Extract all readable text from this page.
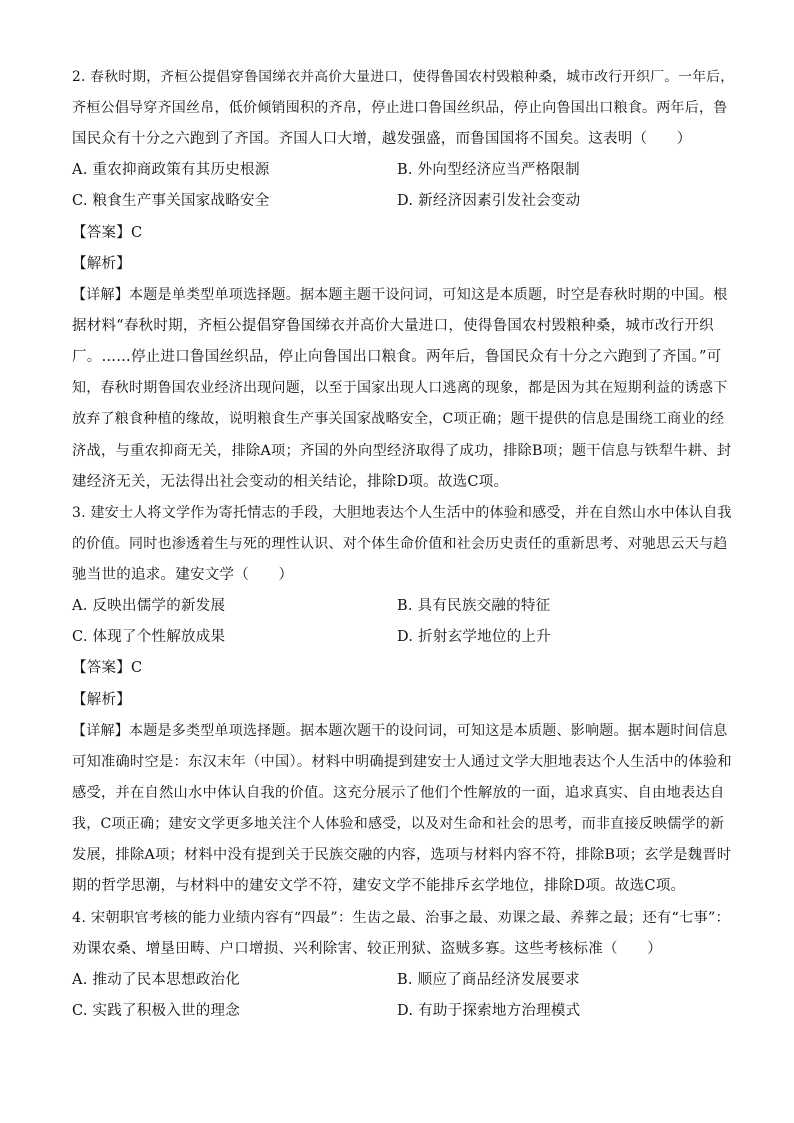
2. 春秋时期，齐桓公提倡穿鲁国绨衣并高价大量进口，使得鲁国农村毁粮种桑，城市改行开织厂。一年后，
齐桓公倡导穿齐国丝帛，低价倾销囤积的齐帛，停止进口鲁国丝织品，停止向鲁国出口粮食。两年后，鲁
国民众有十分之六跑到了齐国。齐国人口大增，越发强盛，而鲁国国将不国矣。这表明（　　）
A. 重农抑商政策有其历史根源	B. 外向型经济应当严格限制
C. 粮食生产事关国家战略安全	D. 新经济因素引发社会变动
【答案】C
【解析】
【详解】本题是单类型单项选择题。据本题主题干设问词，可知这是本质题，时空是春秋时期的中国。根
据材料“春秋时期，齐桓公提倡穿鲁国绨衣并高价大量进口，使得鲁国农村毁粮种桑，城市改行开织
厂。……停止进口鲁国丝织品，停止向鲁国出口粮食。两年后，鲁国民众有十分之六跑到了齐国。”可
知，春秋时期鲁国农业经济出现问题，以至于国家出现人口逃离的现象，都是因为其在短期利益的诱惑下
放弃了粮食种植的缘故，说明粮食生产事关国家战略安全，C项正确；题干提供的信息是围绕工商业的经
济战，与重农抑商无关，排除A项；齐国的外向型经济取得了成功，排除B项；题干信息与铁犁牛耕、封
建经济无关，无法得出社会变动的相关结论，排除D项。故选C项。
3. 建安士人将文学作为寄托情志的手段，大胆地表达个人生活中的体验和感受，并在自然山水中体认自我
的价值。同时也渗透着生与死的理性认识、对个体生命价值和社会历史责任的重新思考、对驰思云天与趋
驰当世的追求。建安文学（　　）
A. 反映出儒学的新发展	B. 具有民族交融的特征
C. 体现了个性解放成果	D. 折射玄学地位的上升
【答案】C
【解析】
【详解】本题是多类型单项选择题。据本题次题干的设问词，可知这是本质题、影响题。据本题时间信息
可知准确时空是：东汉末年（中国）。材料中明确提到建安士人通过文学大胆地表达个人生活中的体验和
感受，并在自然山水中体认自我的价值。这充分展示了他们个性解放的一面，追求真实、自由地表达自
我，C项正确；建安文学更多地关注个人体验和感受，以及对生命和社会的思考，而非直接反映儒学的新
发展，排除A项；材料中没有提到关于民族交融的内容，选项与材料内容不符，排除B项；玄学是魏晋时
期的哲学思潮，与材料中的建安文学不符，建安文学不能排斥玄学地位，排除D项。故选C项。
4. 宋朝职官考核的能力业绩内容有“四最”：生齿之最、治事之最、劝课之最、养葬之最；还有“七事”：
劝课农桑、增垦田畴、户口增损、兴利除害、较正刑狱、盗贼多寡。这些考核标准（　　）
A. 推动了民本思想政治化	B. 顺应了商品经济发展要求
C. 实践了积极入世的理念	D. 有助于探索地方治理模式
